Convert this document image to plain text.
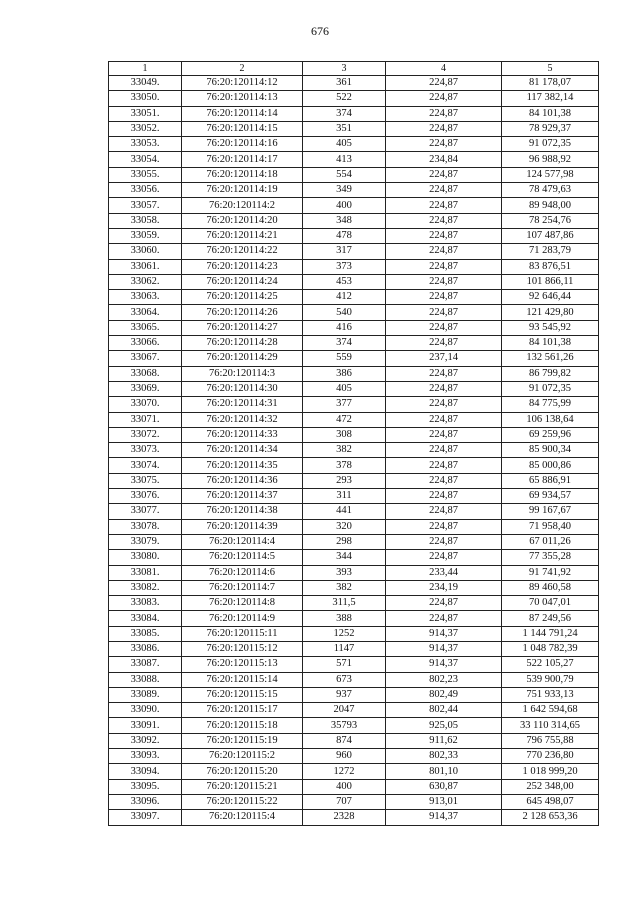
676
1	2	3	4	5
33049.	76:20:120114:12	361	224,87	81 178,07
33050.	76:20:120114:13	522	224,87	117 382,14
33051.	76:20:120114:14	374	224,87	84 101,38
33052.	76:20:120114:15	351	224,87	78 929,37
33053.	76:20:120114:16	405	224,87	91 072,35
33054.	76:20:120114:17	413	234,84	96 988,92
33055.	76:20:120114:18	554	224,87	124 577,98
33056.	76:20:120114:19	349	224,87	78 479,63
33057.	76:20:120114:2	400	224,87	89 948,00
33058.	76:20:120114:20	348	224,87	78 254,76
33059.	76:20:120114:21	478	224,87	107 487,86
33060.	76:20:120114:22	317	224,87	71 283,79
33061.	76:20:120114:23	373	224,87	83 876,51
33062.	76:20:120114:24	453	224,87	101 866,11
33063.	76:20:120114:25	412	224,87	92 646,44
33064.	76:20:120114:26	540	224,87	121 429,80
33065.	76:20:120114:27	416	224,87	93 545,92
33066.	76:20:120114:28	374	224,87	84 101,38
33067.	76:20:120114:29	559	237,14	132 561,26
33068.	76:20:120114:3	386	224,87	86 799,82
33069.	76:20:120114:30	405	224,87	91 072,35
33070.	76:20:120114:31	377	224,87	84 775,99
33071.	76:20:120114:32	472	224,87	106 138,64
33072.	76:20:120114:33	308	224,87	69 259,96
33073.	76:20:120114:34	382	224,87	85 900,34
33074.	76:20:120114:35	378	224,87	85 000,86
33075.	76:20:120114:36	293	224,87	65 886,91
33076.	76:20:120114:37	311	224,87	69 934,57
33077.	76:20:120114:38	441	224,87	99 167,67
33078.	76:20:120114:39	320	224,87	71 958,40
33079.	76:20:120114:4	298	224,87	67 011,26
33080.	76:20:120114:5	344	224,87	77 355,28
33081.	76:20:120114:6	393	233,44	91 741,92
33082.	76:20:120114:7	382	234,19	89 460,58
33083.	76:20:120114:8	311,5	224,87	70 047,01
33084.	76:20:120114:9	388	224,87	87 249,56
33085.	76:20:120115:11	1252	914,37	1 144 791,24
33086.	76:20:120115:12	1147	914,37	1 048 782,39
33087.	76:20:120115:13	571	914,37	522 105,27
33088.	76:20:120115:14	673	802,23	539 900,79
33089.	76:20:120115:15	937	802,49	751 933,13
33090.	76:20:120115:17	2047	802,44	1 642 594,68
33091.	76:20:120115:18	35793	925,05	33 110 314,65
33092.	76:20:120115:19	874	911,62	796 755,88
33093.	76:20:120115:2	960	802,33	770 236,80
33094.	76:20:120115:20	1272	801,10	1 018 999,20
33095.	76:20:120115:21	400	630,87	252 348,00
33096.	76:20:120115:22	707	913,01	645 498,07
33097.	76:20:120115:4	2328	914,37	2 128 653,36
